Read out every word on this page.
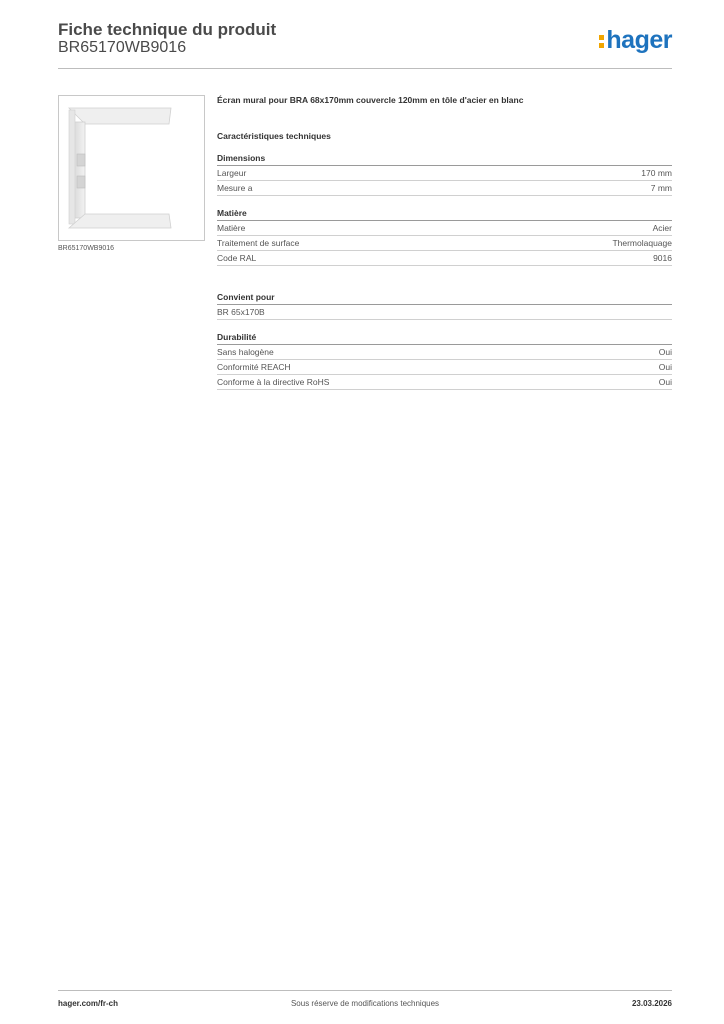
Fiche technique du produit
BR65170WB9016	hager
BR65170WB9016
Écran mural pour BRA 68x170mm couvercle 120mm en tôle d'acier en blanc
Caractéristiques techniques
Dimensions
Largeur	170 mm
Mesure a	7 mm
Matière
Matière	Acier
Traitement de surface	Thermolaquage
Code RAL	9016
Convient pour
BR 65x170B
Durabilité
Sans halogène	Oui
Conformité REACH	Oui
Conforme à la directive RoHS	Oui
hager.com/fr-ch	Sous réserve de modifications techniques	23.03.2026
